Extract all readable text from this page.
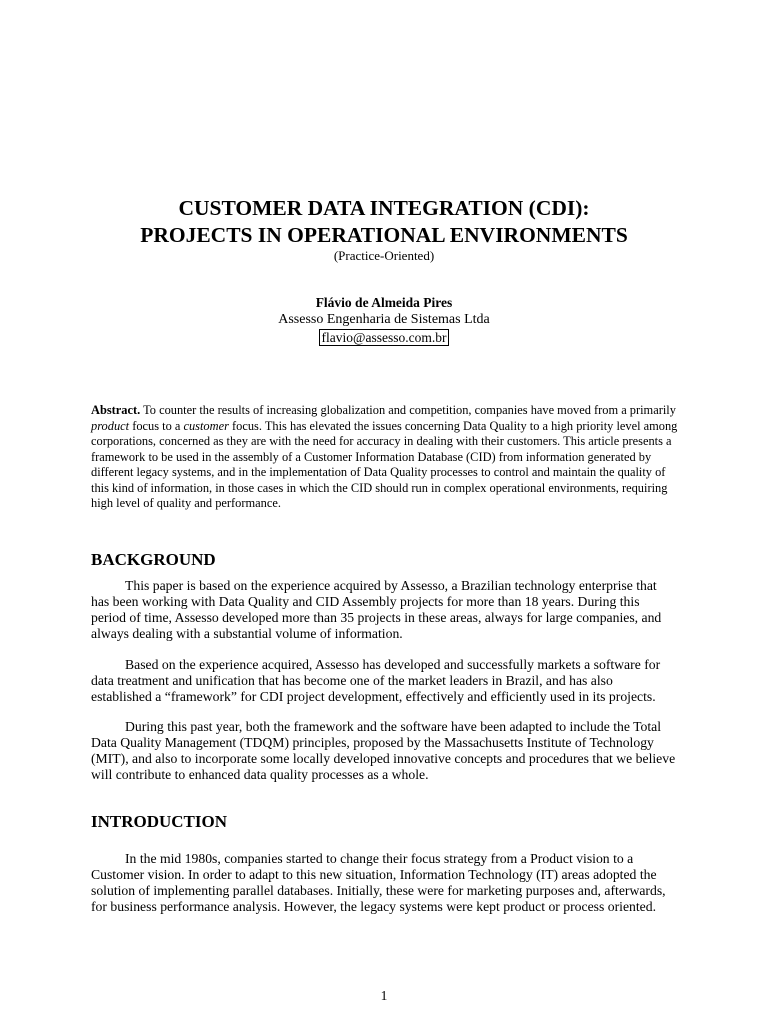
CUSTOMER DATA INTEGRATION (CDI):
PROJECTS IN OPERATIONAL ENVIRONMENTS
(Practice-Oriented)
Flávio de Almeida Pires
Assesso Engenharia de Sistemas Ltda
flavio@assesso.com.br

Abstract. To counter the results of increasing globalization and competition, companies have moved from a primarily product focus to a customer focus. This has elevated the issues concerning Data Quality to a high priority level among corporations, concerned as they are with the need for accuracy in dealing with their customers. This article presents a framework to be used in the assembly of a Customer Information Database (CID) from information generated by different legacy systems, and in the implementation of Data Quality processes to control and maintain the quality of this kind of information, in those cases in which the CID should run in complex operational environments, requiring high level of quality and performance.

BACKGROUND

This paper is based on the experience acquired by Assesso, a Brazilian technology enterprise that has been working with Data Quality and CID Assembly projects for more than 18 years. During this period of time, Assesso developed more than 35 projects in these areas, always for large companies, and always dealing with a substantial volume of information.

Based on the experience acquired, Assesso has developed and successfully markets a software for data treatment and unification that has become one of the market leaders in Brazil, and has also established a “framework” for CDI project development, effectively and efficiently used in its projects.

During this past year, both the framework and the software have been adapted to include the Total Data Quality Management (TDQM) principles, proposed by the Massachusetts Institute of Technology (MIT), and also to incorporate some locally developed innovative concepts and procedures that we believe will contribute to enhanced data quality processes as a whole.

INTRODUCTION

In the mid 1980s, companies started to change their focus strategy from a Product vision to a Customer vision. In order to adapt to this new situation, Information Technology (IT) areas adopted the solution of implementing parallel databases. Initially, these were for marketing purposes and, afterwards, for business performance analysis. However, the legacy systems were kept product or process oriented.

1
